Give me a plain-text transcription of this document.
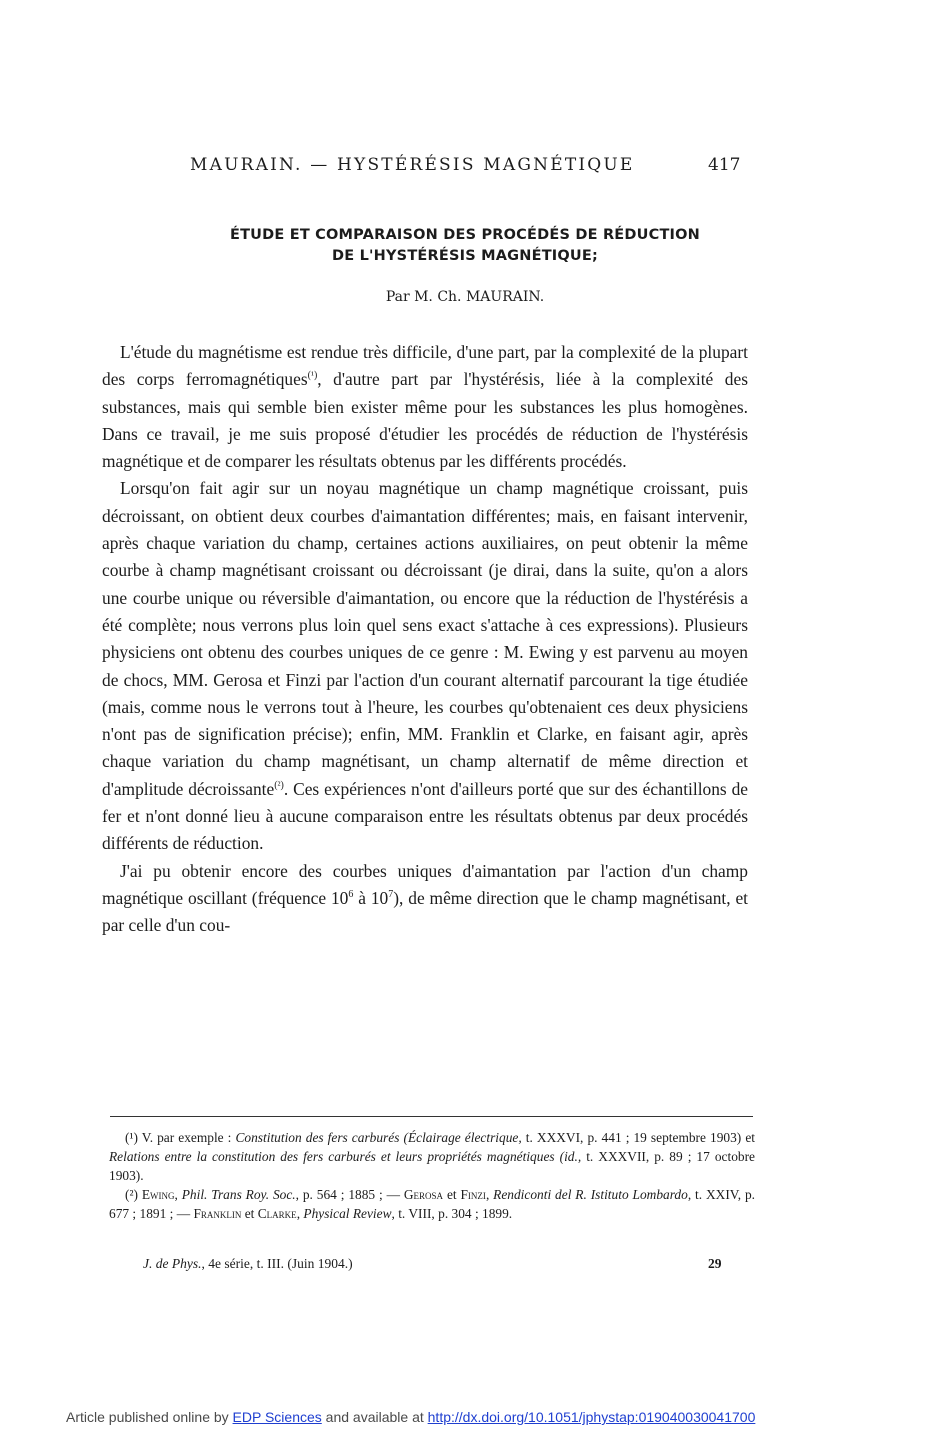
MAURAIN. — HYSTÉRÉSIS MAGNÉTIQUE	417
ÉTUDE ET COMPARAISON DES PROCÉDÉS DE RÉDUCTION
DE L'HYSTÉRÉSIS MAGNÉTIQUE;
Par M. Ch. MAURAIN.

L'étude du magnétisme est rendue très difficile, d'une part, par la complexité de la plupart des corps ferromagnétiques$^{(^1)}$, d'autre part par l'hystérésis, liée à la complexité des substances, mais qui semble bien exister même pour les substances les plus homogènes. Dans ce travail, je me suis proposé d'étudier les procédés de réduction de l'hystérésis magnétique et de comparer les résultats obtenus par les différents procédés.

Lorsqu'on fait agir sur un noyau magnétique un champ magnétique croissant, puis décroissant, on obtient deux courbes d'aimantation différentes; mais, en faisant intervenir, après chaque variation du champ, certaines actions auxiliaires, on peut obtenir la même courbe à champ magnétisant croissant ou décroissant (je dirai, dans la suite, qu'on a alors une courbe unique ou réversible d'aimantation, ou encore que la réduction de l'hystérésis a été complète; nous verrons plus loin quel sens exact s'attache à ces expressions). Plusieurs physiciens ont obtenu des courbes uniques de ce genre : M. Ewing y est parvenu au moyen de chocs, MM. Gerosa et Finzi par l'action d'un courant alternatif parcourant la tige étudiée (mais, comme nous le verrons tout à l'heure, les courbes qu'obtenaient ces deux physiciens n'ont pas de signification précise); enfin, MM. Franklin et Clarke, en faisant agir, après chaque variation du champ magnétisant, un champ alternatif de même direction et d'amplitude décroissante$^{(^2)}$. Ces expériences n'ont d'ailleurs porté que sur des échantillons de fer et n'ont donné lieu à aucune comparaison entre les résultats obtenus par deux procédés différents de réduction.

J'ai pu obtenir encore des courbes uniques d'aimantation par l'action d'un champ magnétique oscillant (fréquence $10^6$ à $10^7$), de même direction que le champ magnétisant, et par celle d'un cou-

(¹) V. par exemple : Constitution des fers carburés (Éclairage électrique, t. XXXVI, p. 441 ; 19 septembre 1903) et Relations entre la constitution des fers carburés et leurs propriétés magnétiques (id., t. XXXVII, p. 89 ; 17 octobre 1903).

(²) Ewing, Phil. Trans Roy. Soc., p. 564 ; 1885 ; — Gerosa et Finzi, Rendiconti del R. Istituto Lombardo, t. XXIV, p. 677 ; 1891 ; — Franklin et Clarke, Physical Review, t. VIII, p. 304 ; 1899.

J. de Phys., 4e série, t. III. (Juin 1904.)	29
Article published online by EDP Sciences and available at http://dx.doi.org/10.1051/jphystap:019040030041700
